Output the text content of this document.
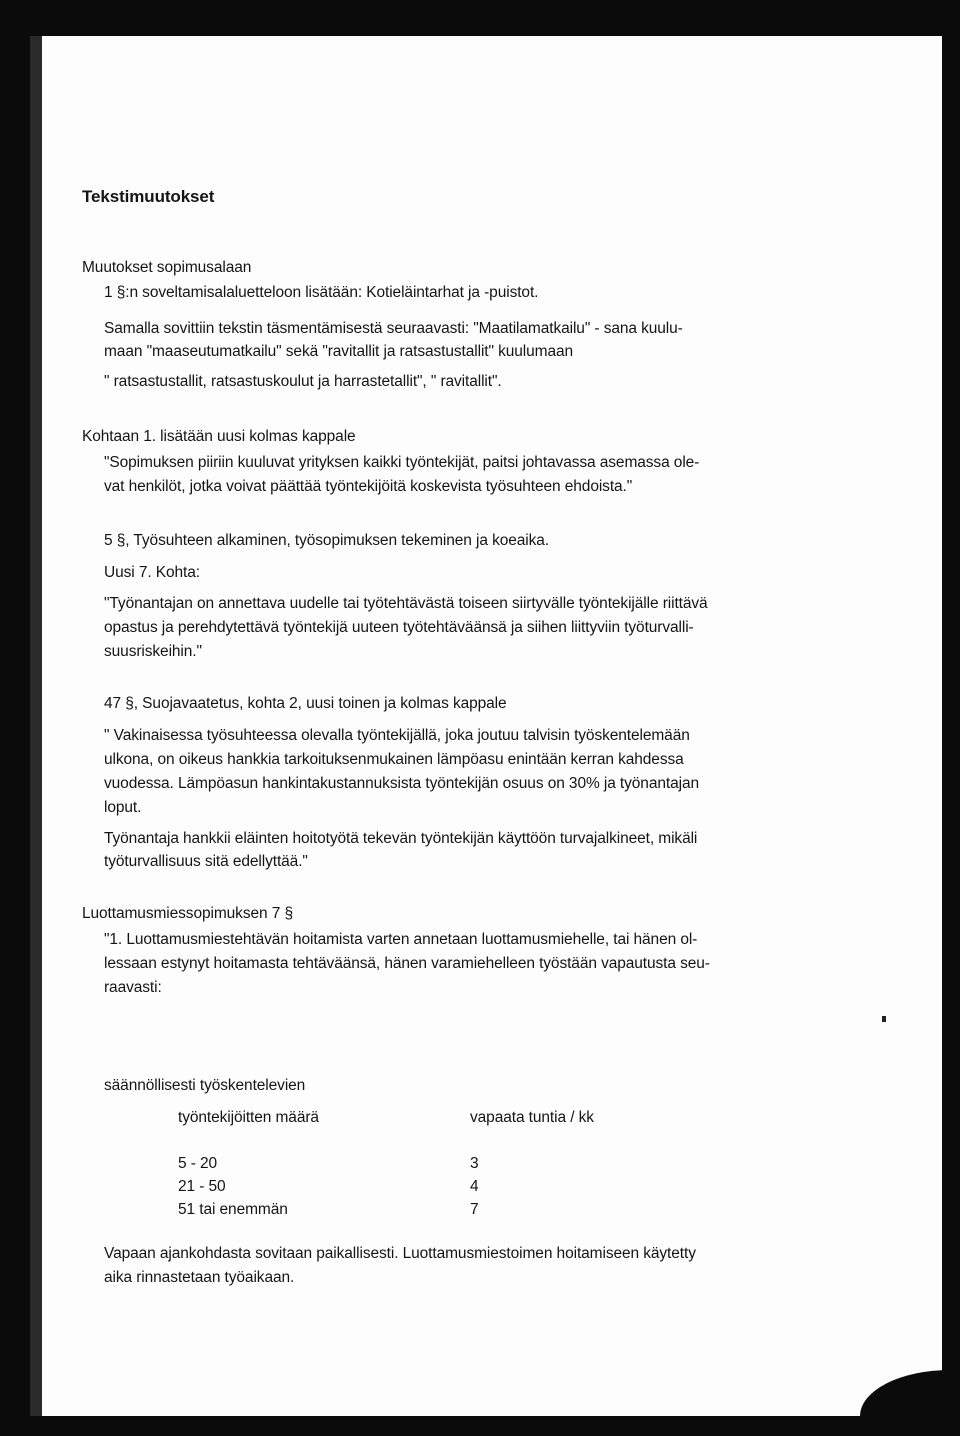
Tekstimuutokset
Muutokset sopimusalaan
1 §:n soveltamisalaluetteloon lisätään: Kotieläintarhat ja -puistot.
Samalla sovittiin tekstin täsmentämisestä seuraavasti: "Maatilamatkailu" - sana kuulu-
maan "maaseutumatkailu" sekä "ravitallit ja ratsastustallit" kuulumaan
" ratsastustallit, ratsastuskoulut ja harrastetallit", " ravitallit".
Kohtaan 1. lisätään uusi kolmas kappale
"Sopimuksen piiriin kuuluvat yrityksen kaikki työntekijät, paitsi johtavassa asemassa ole-
vat henkilöt, jotka voivat päättää työntekijöitä koskevista työsuhteen ehdoista."
5 §, Työsuhteen alkaminen, työsopimuksen tekeminen ja koeaika.
Uusi 7. Kohta:
"Työnantajan on annettava uudelle tai työtehtävästä toiseen siirtyvälle työntekijälle riittävä
opastus ja perehdytettävä työntekijä uuteen työtehtäväänsä ja siihen liittyviin työturvalli-
suusriskeihin."
47 §, Suojavaatetus, kohta 2, uusi toinen ja kolmas kappale
" Vakinaisessa työsuhteessa olevalla työntekijällä, joka joutuu talvisin työskentelemään
ulkona, on oikeus hankkia tarkoituksenmukainen lämpöasu enintään kerran kahdessa
vuodessa. Lämpöasun hankintakustannuksista työntekijän osuus on 30% ja työnantajan
loput.
Työnantaja hankkii eläinten hoitotyötä tekevän työntekijän käyttöön turvajalkineet, mikäli
työturvallisuus sitä edellyttää."
Luottamusmiessopimuksen 7 §
"1. Luottamusmiestehtävän hoitamista varten annetaan luottamusmiehelle, tai hänen ol-
lessaan estynyt hoitamasta tehtäväänsä, hänen varamiehelleen työstään vapautusta seu-
raavasti:
säännöllisesti työskentelevien
työntekijöitten määrä	vapaata tuntia / kk
5 - 20	3
21 - 50	4
51 tai enemmän	7
Vapaan ajankohdasta sovitaan paikallisesti. Luottamusmiestoimen hoitamiseen käytetty
aika rinnastetaan työaikaan.
